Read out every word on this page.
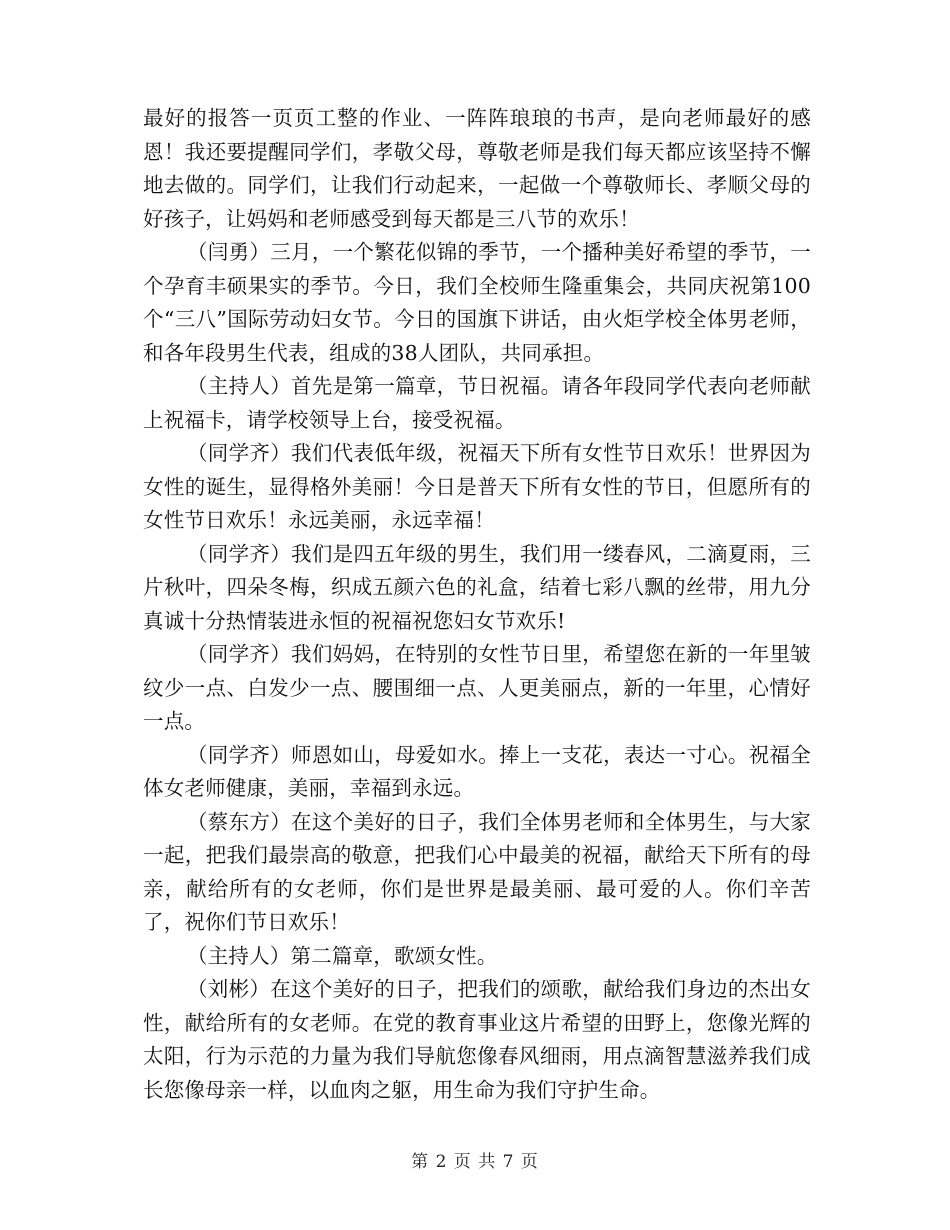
最好的报答一页页工整的作业、一阵阵琅琅的书声，是向老师最好的感恩！我还要提醒同学们，孝敬父母，尊敬老师是我们每天都应该坚持不懈地去做的。同学们，让我们行动起来，一起做一个尊敬师长、孝顺父母的好孩子，让妈妈和老师感受到每天都是三八节的欢乐！

（闫勇）三月，一个繁花似锦的季节，一个播种美好希望的季节，一个孕育丰硕果实的季节。今日，我们全校师生隆重集会，共同庆祝第100个“三八”国际劳动妇女节。今日的国旗下讲话，由火炬学校全体男老师，和各年段男生代表，组成的38人团队，共同承担。

（主持人）首先是第一篇章，节日祝福。请各年段同学代表向老师献上祝福卡，请学校领导上台，接受祝福。

（同学齐）我们代表低年级，祝福天下所有女性节日欢乐！世界因为女性的诞生，显得格外美丽！今日是普天下所有女性的节日，但愿所有的女性节日欢乐！永远美丽，永远幸福！

（同学齐）我们是四五年级的男生，我们用一缕春风，二滴夏雨，三片秋叶，四朵冬梅，织成五颜六色的礼盒，结着七彩八飘的丝带，用九分真诚十分热情装进永恒的祝福祝您妇女节欢乐!

（同学齐）我们妈妈，在特别的女性节日里，希望您在新的一年里皱纹少一点、白发少一点、腰围细一点、人更美丽点，新的一年里，心情好一点。

（同学齐）师恩如山，母爱如水。捧上一支花，表达一寸心。祝福全体女老师健康，美丽，幸福到永远。

（蔡东方）在这个美好的日子，我们全体男老师和全体男生，与大家一起，把我们最崇高的敬意，把我们心中最美的祝福，献给天下所有的母亲，献给所有的女老师，你们是世界是最美丽、最可爱的人。你们辛苦了，祝你们节日欢乐！

（主持人）第二篇章，歌颂女性。

（刘彬）在这个美好的日子，把我们的颂歌，献给我们身边的杰出女性，献给所有的女老师。在党的教育事业这片希望的田野上，您像光辉的太阳，行为示范的力量为我们导航您像春风细雨，用点滴智慧滋养我们成长您像母亲一样，以血肉之躯，用生命为我们守护生命。

第 2 页 共 7 页
